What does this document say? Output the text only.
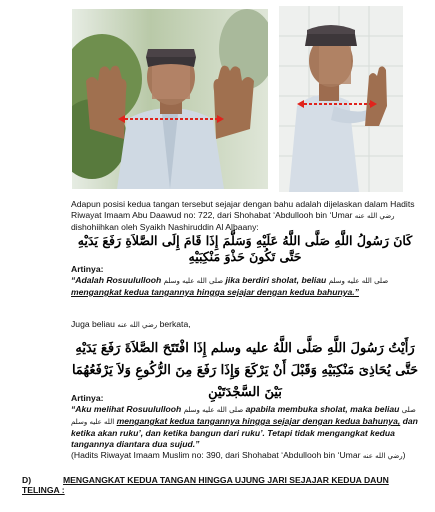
Adapun posisi kedua tangan tersebut sejajar dengan bahu adalah dijelaskan dalam Hadits Riwayat Imaam Abu Daawud no: 722, dari Shohabat ‘Abdullooh bin ‘Umar رضي الله عنه dishohiihkan oleh Syaikh Nashiruddin Al Albaany:
كَانَ رَسُولُ اللَّهِ صَلَّى اللَّهُ عَلَيْهِ وَسَلَّمَ إِذَا قَامَ إِلَى الصَّلاَةِ رَفَعَ يَدَيْهِ حَتَّى تَكُونَ حَذْوَ مَنْكِبَيْهِ
Artinya:
“Adalah Rosuulullooh صلى الله عليه وسلم jika berdiri sholat, beliau صلى الله عليه وسلم mengangkat kedua tangannya hingga sejajar dengan kedua bahunya.”
Juga beliau رضي الله عنه berkata,
رَأَيْتُ رَسُولَ اللَّهِ صَلَّى اللَّهُ عليه وسلم إِذَا افْتَتَحَ الصَّلاَةَ رَفَعَ يَدَيْهِ حَتَّى يُحَاذِىَ مَنْكِبَيْهِ وَقَبْلَ أَنْ يَرْكَعَ وَإِذَا رَفَعَ مِنَ الرُّكُوعِ وَلاَ يَرْفَعُهُمَا بَيْنَ السَّجْدَتَيْنِ
Artinya:
“Aku melihat Rosuulullooh صلى الله عليه وسلم apabila membuka sholat, maka beliau صلى الله عليه وسلم mengangkat kedua tangannya hingga sejajar dengan kedua bahunya, dan ketika akan ruku’, dan ketika bangun dari ruku’. Tetapi tidak mengangkat kedua tangannya diantara dua sujud.”
(Hadits Riwayat Imaam Muslim no: 390, dari Shohabat ‘Abdullooh bin ‘Umar رضي الله عنه)
D)	MENGANGKAT KEDUA TANGAN HINGGA UJUNG JARI SEJAJAR KEDUA DAUN TELINGA :
